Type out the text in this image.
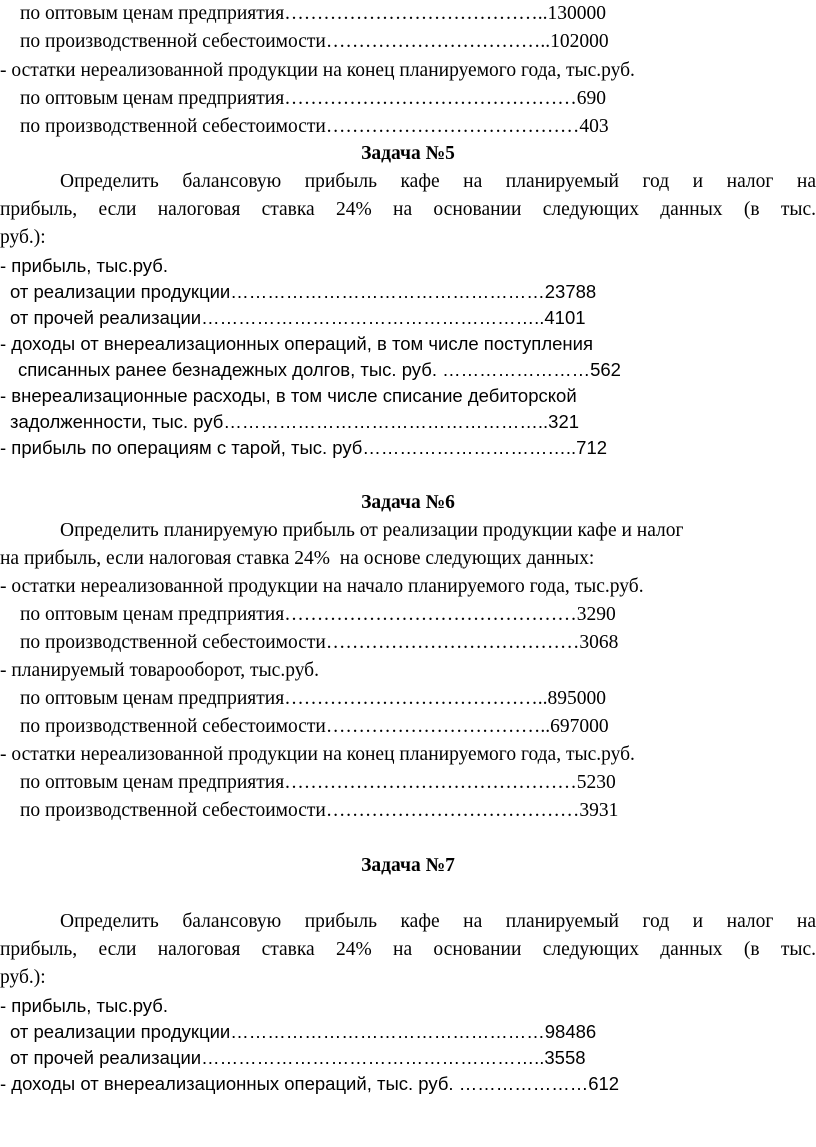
по оптовым ценам предприятия…………………………………..130000
по производственной себестоимости……………………………..102000
- остатки нереализованной продукции на конец планируемого года, тыс.руб.
по оптовым ценам предприятия………………………………………690
по производственной себестоимости…………………………………403
Задача №5
Определить балансовую прибыль кафе на планируемый год и налог на
прибыль, если налоговая ставка 24% на основании следующих данных (в тыс.
руб.):
- прибыль, тыс.руб.
от реализации продукции……………………………………………23788
от прочей реализации………………………………………………..4101
- доходы от внереализационных операций, в том числе поступления
списанных ранее безнадежных долгов, тыс. руб. ……………………562
- внереализационные расходы, в том числе списание дебиторской
задолженности, тыс. руб……………………………………………..321
- прибыль по операциям с тарой, тыс. руб……………………………..712
Задача №6
Определить планируемую прибыль от реализации продукции кафе и налог
на прибыль, если налоговая ставка 24%  на основе следующих данных:
- остатки нереализованной продукции на начало планируемого года, тыс.руб.
по оптовым ценам предприятия………………………………………3290
по производственной себестоимости…………………………………3068
- планируемый товарооборот, тыс.руб.
по оптовым ценам предприятия…………………………………..895000
по производственной себестоимости……………………………..697000
- остатки нереализованной продукции на конец планируемого года, тыс.руб.
по оптовым ценам предприятия………………………………………5230
по производственной себестоимости…………………………………3931
Задача №7
Определить балансовую прибыль кафе на планируемый год и налог на
прибыль, если налоговая ставка 24% на основании следующих данных (в тыс.
руб.):
- прибыль, тыс.руб.
от реализации продукции……………………………………………98486
от прочей реализации………………………………………………..3558
- доходы от внереализационных операций, тыс. руб. …………………612
